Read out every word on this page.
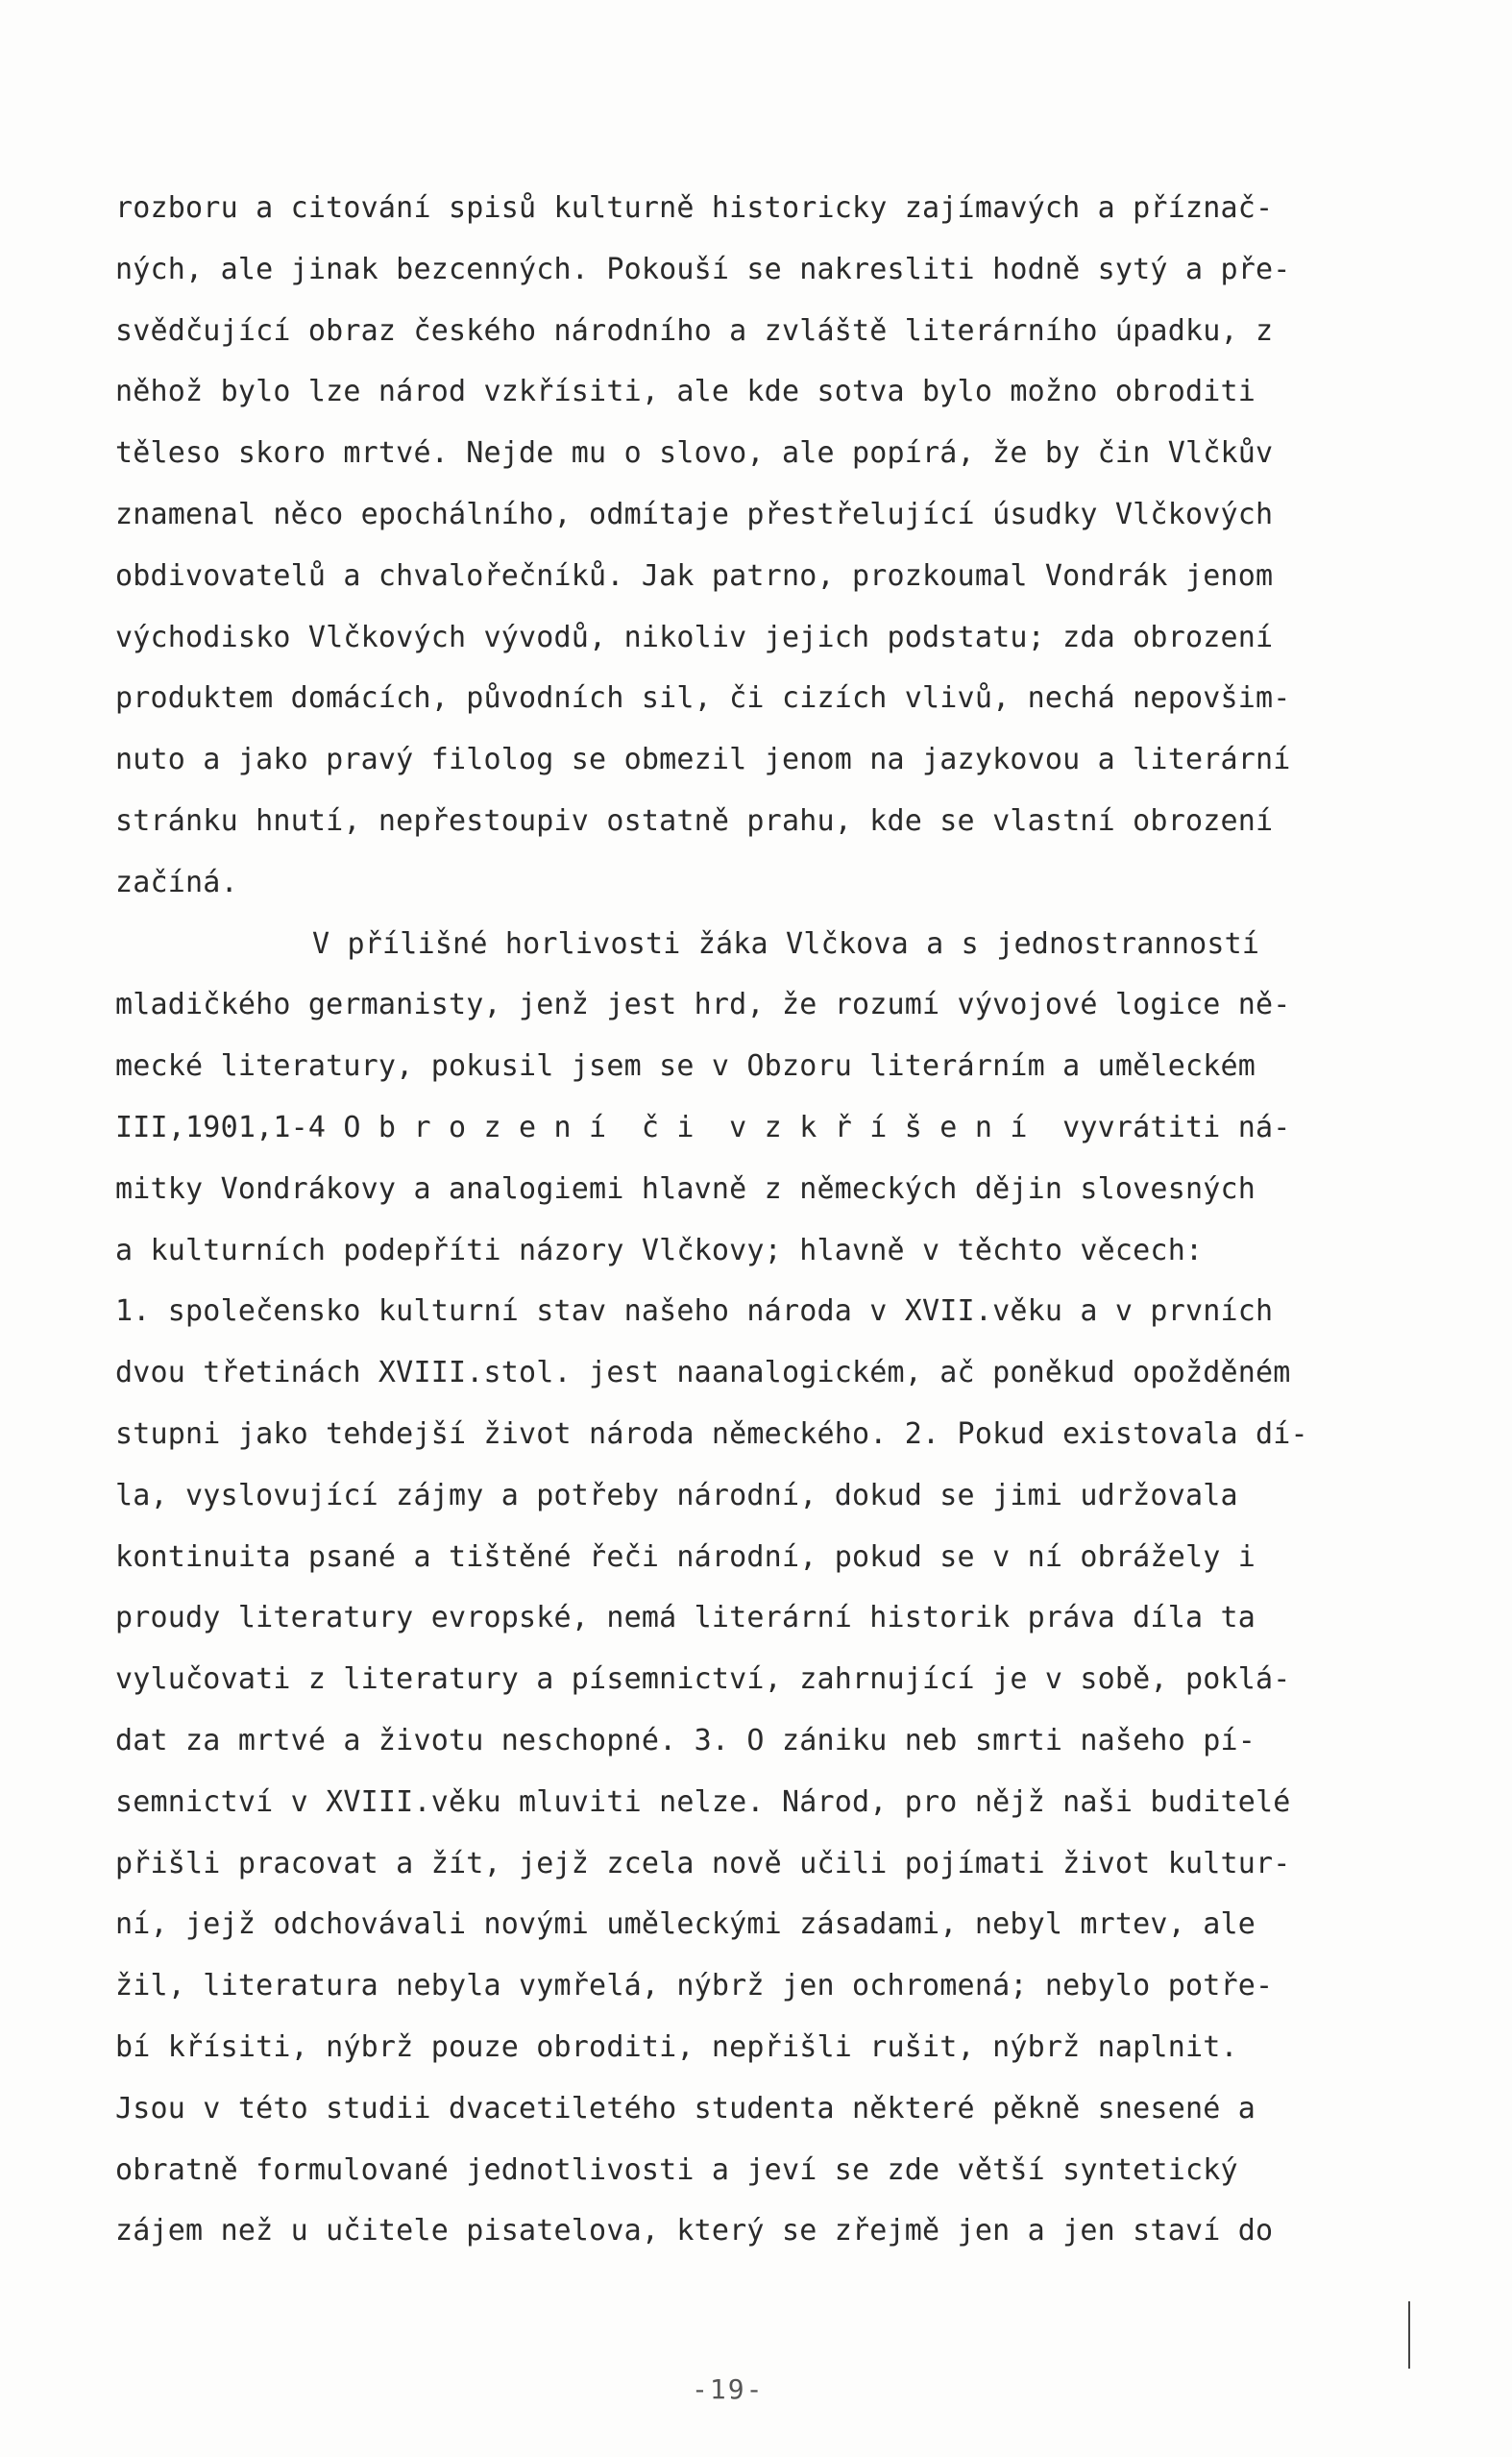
rozboru a citování spisů kulturně historicky zajímavých a příznač-
ných, ale jinak bezcenných. Pokouší se nakresliti hodně sytý a pře-
svědčující obraz českého národního a zvláště literárního úpadku, z
něhož bylo lze národ vzkřísiti, ale kde sotva bylo možno obroditi
těleso skoro mrtvé. Nejde mu o slovo, ale popírá, že by čin Vlčkův
znamenal něco epochálního, odmítaje přestřelující úsudky Vlčkových
obdivovatelů a chvalořečníků. Jak patrno, prozkoumal Vondrák jenom
východisko Vlčkových vývodů, nikoliv jejich podstatu; zda obrození
produktem domácích, původních sil, či cizích vlivů, nechá nepovšim-
nuto a jako pravý filolog se obmezil jenom na jazykovou a literární
stránku hnutí, nepřestoupiv ostatně prahu, kde se vlastní obrození
začíná.
V přílišné horlivosti žáka Vlčkova a s jednostranností
mladičkého germanisty, jenž jest hrd, že rozumí vývojové logice ně-
mecké literatury, pokusil jsem se v Obzoru literárním a uměleckém
III,1901,1-4 O b r o z e n í  č i  v z k ř í š e n í  vyvrátiti ná-
mitky Vondrákovy a analogiemi hlavně z německých dějin slovesných
a kulturních podepříti názory Vlčkovy; hlavně v těchto věcech:
1. společensko kulturní stav našeho národa v XVII.věku a v prvních
dvou třetinách XVIII.stol. jest naanalogickém, ač poněkud opožděném
stupni jako tehdejší život národa německého. 2. Pokud existovala dí-
la, vyslovující zájmy a potřeby národní, dokud se jimi udržovala
kontinuita psané a tištěné řeči národní, pokud se v ní obrážely i
proudy literatury evropské, nemá literární historik práva díla ta
vylučovati z literatury a písemnictví, zahrnující je v sobě, poklá-
dat za mrtvé a životu neschopné. 3. O zániku neb smrti našeho pí-
semnictví v XVIII.věku mluviti nelze. Národ, pro nějž naši buditelé
přišli pracovat a žít, jejž zcela nově učili pojímati život kultur-
ní, jejž odchovávali novými uměleckými zásadami, nebyl mrtev, ale
žil, literatura nebyla vymřelá, nýbrž jen ochromená; nebylo potře-
bí křísiti, nýbrž pouze obroditi, nepřišli rušit, nýbrž naplnit.
Jsou v této studii dvacetiletého studenta některé pěkně snesené a
obratně formulované jednotlivosti a jeví se zde větší syntetický
zájem než u učitele pisatelova, který se zřejmě jen a jen staví do
-19-
